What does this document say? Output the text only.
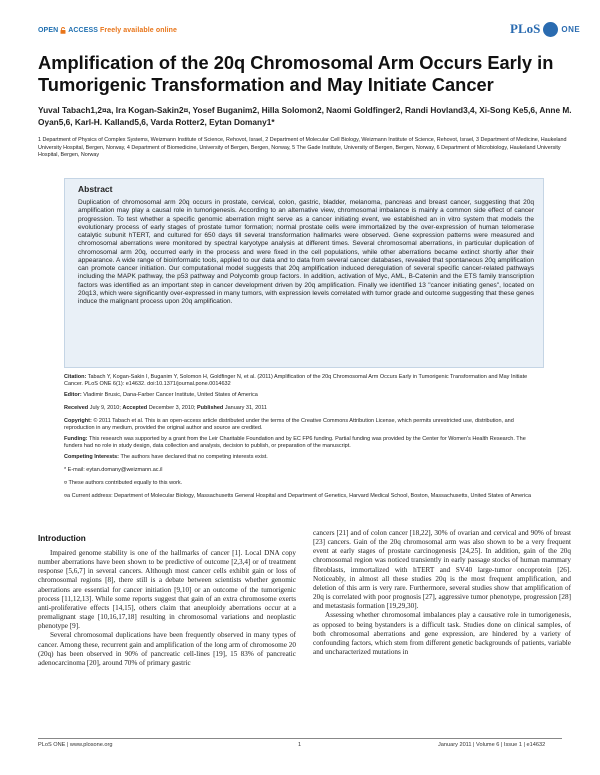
OPEN ACCESS Freely available online	PLoS	ONE
Amplification of the 20q Chromosomal Arm Occurs Early in Tumorigenic Transformation and May Initiate Cancer

Yuval Tabach1,2¤a, Ira Kogan-Sakin2¤, Yosef Buganim2, Hilla Solomon2, Naomi Goldfinger2, Randi Hovland3,4, Xi-Song Ke5,6, Anne M. Oyan5,6, Karl-H. Kalland5,6, Varda Rotter2, Eytan Domany1*

1 Department of Physics of Complex Systems, Weizmann Institute of Science, Rehovot, Israel, 2 Department of Molecular Cell Biology, Weizmann Institute of Science, Rehovot, Israel, 3 Department of Medicine, Haukeland University Hospital, Bergen, Norway, 4 Department of Biomedicine, University of Bergen, Bergen, Norway, 5 The Gade Institute, University of Bergen, Bergen, Norway, 6 Department of Microbiology, Haukeland University Hospital, Bergen, Norway

Abstract

Duplication of chromosomal arm 20q occurs in prostate, cervical, colon, gastric, bladder, melanoma, pancreas and breast cancer, suggesting that 20q amplification may play a causal role in tumorigenesis. According to an alternative view, chromosomal imbalance is mainly a common side effect of cancer progression. To test whether a specific genomic aberration might serve as a cancer initiating event, we established an in vitro system that models the evolutionary process of early stages of prostate tumor formation; normal prostate cells were immortalized by the over-expression of human telomerase catalytic subunit hTERT, and cultured for 650 days till several transformation hallmarks were observed. Gene expression patterns were measured and chromosomal aberrations were monitored by spectral karyotype analysis at different times. Several chromosomal aberrations, in particular duplication of chromosomal arm 20q, occurred early in the process and were fixed in the cell populations, while other aberrations became extinct shortly after their appearance. A wide range of bioinformatic tools, applied to our data and to data from several cancer databases, revealed that spontaneous 20q amplification can promote cancer initiation. Our computational model suggests that 20q amplification induced deregulation of several specific cancer-related pathways including the MAPK pathway, the p53 pathway and Polycomb group factors. In addition, activation of Myc, AML, B-Catenin and the ETS family transcription factors was identified as an important step in cancer development driven by 20q amplification. Finally we identified 13 "cancer initiating genes", located on 20q13, which were significantly over-expressed in many tumors, with expression levels correlated with tumor grade and outcome suggesting that these genes induce the malignant process upon 20q amplification.

Citation: Tabach Y, Kogan-Sakin I, Buganim Y, Solomon H, Goldfinger N, et al. (2011) Amplification of the 20q Chromosomal Arm Occurs Early in Tumorigenic Transformation and May Initiate Cancer. PLoS ONE 6(1): e14632. doi:10.1371/journal.pone.0014632

Editor: Vladimir Brusic, Dana-Farber Cancer Institute, United States of America

Received July 9, 2010; Accepted December 3, 2010; Published January 31, 2011

Copyright: © 2011 Tabach et al. This is an open-access article distributed under the terms of the Creative Commons Attribution License, which permits unrestricted use, distribution, and reproduction in any medium, provided the original author and source are credited.

Funding: This research was supported by a grant from the Leir Charitable Foundation and by EC FP6 funding. Partial funding was provided by the Center for Women's Health Research. The funders had no role in study design, data collection and analysis, decision to publish, or preparation of the manuscript.

Competing Interests: The authors have declared that no competing interests exist.

* E-mail: eytan.domany@weizmann.ac.il

¤ These authors contributed equally to this work.

¤a Current address: Department of Molecular Biology, Massachusetts General Hospital and Department of Genetics, Harvard Medical School, Boston, Massachusetts, United States of America

Introduction

Impaired genome stability is one of the hallmarks of cancer [1]. Local DNA copy number aberrations have been shown to be predictive of outcome [2,3,4] or of treatment response [5,6,7] in several cancers. Although most cancer cells exhibit gain or loss of chromosomal regions [8], there still is a debate between scientists whether genomic aberrations are essential for cancer initiation [9,10] or an outcome of the tumorigenic process [11,12,13]. While some reports suggest that gain of an extra chromosome exerts anti-proliferative effects [14,15], others claim that aneuploidy aberrations occur at a premalignant stage [10,16,17,18] resulting in chromosomal variations and neoplastic phenotype [9].

Several chromosomal duplications have been frequently observed in many types of cancer. Among these, recurrent gain and amplification of the long arm of chromosome 20 (20q) has been observed in 90% of pancreatic cell-lines [19], 15 83% of pancreatic adenocarcinoma [20], around 70% of primary gastric

cancers [21] and of colon cancer [18,22], 30% of ovarian and cervical and 90% of breast [23] cancers. Gain of the 20q chromosomal arm was also shown to be a very frequent event at early stages of prostate carcinogenesis [24,25]. In addition, gain of the 20q chromosomal region was noticed transiently in early passage stocks of human mammary fibroblasts, immortalized with hTERT and SV40 large-tumor oncoprotein [26]. Noticeably, in almost all these studies 20q is the most frequent amplification, and deletion of this arm is very rare. Furthermore, several studies show that amplification of 20q is correlated with poor prognosis [27], aggressive tumor phenotype, progression [28] and metastasis formation [19,29,30].

Assessing whether chromosomal imbalances play a causative role in tumorigenesis, as opposed to being bystanders is a difficult task. Studies done on clinical samples, of both chromosomal aberrations and gene expression, are hindered by a variety of confounding factors, which stem from different genetic backgrounds of patients, variable and uncharacterized mutations in

PLoS ONE | www.plosone.org	1	January 2011 | Volume 6 | Issue 1 | e14632
